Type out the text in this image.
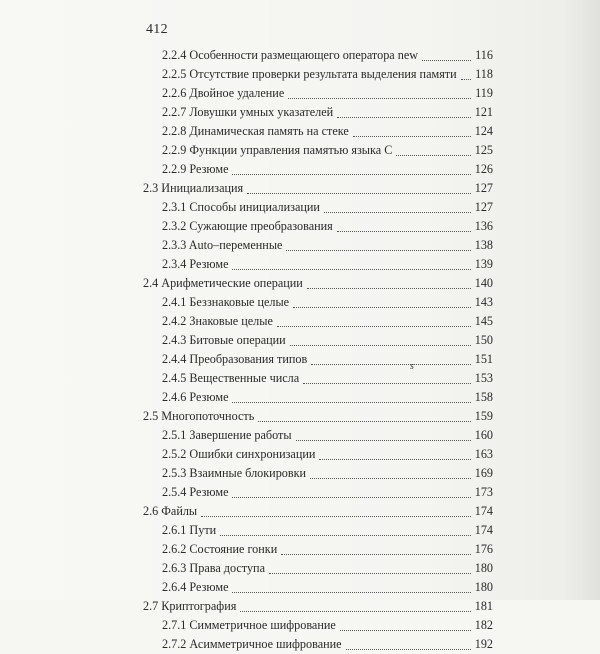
412
2.2.4 Особенности размещающего оператора new	116
2.2.5 Отсутствие проверки результата выделения памяти 118
2.2.6 Двойное удаление	119
2.2.7 Ловушки умных указателей	121
2.2.8 Динамическая память на стеке	124
2.2.9 Функции управления памятью языка C	125
2.2.9 Резюме	126
2.3 Инициализация	127
2.3.1 Способы инициализации	127
2.3.2 Сужающие преобразования	136
2.3.3 Auto–переменные	138
2.3.4 Резюме	139
2.4 Арифметические операции	140
2.4.1 Беззнаковые целые	143
2.4.2 Знаковые целые	145
2.4.3 Битовые операции	150
2.4.4 Преобразования типов	151
2.4.5 Вещественные числа	153
2.4.6 Резюме	158
2.5 Многопоточность	159
2.5.1 Завершение работы	160
2.5.2 Ошибки синхронизации	163
2.5.3 Взаимные блокировки	169
2.5.4 Резюме	173
2.6 Файлы	174
2.6.1 Пути	174
2.6.2 Состояние гонки	176
2.6.3 Права доступа	180
2.6.4 Резюме	180
2.7 Криптография	181
2.7.1 Симметричное шифрование	182
2.7.2 Асимметричное шифрование	192
s
